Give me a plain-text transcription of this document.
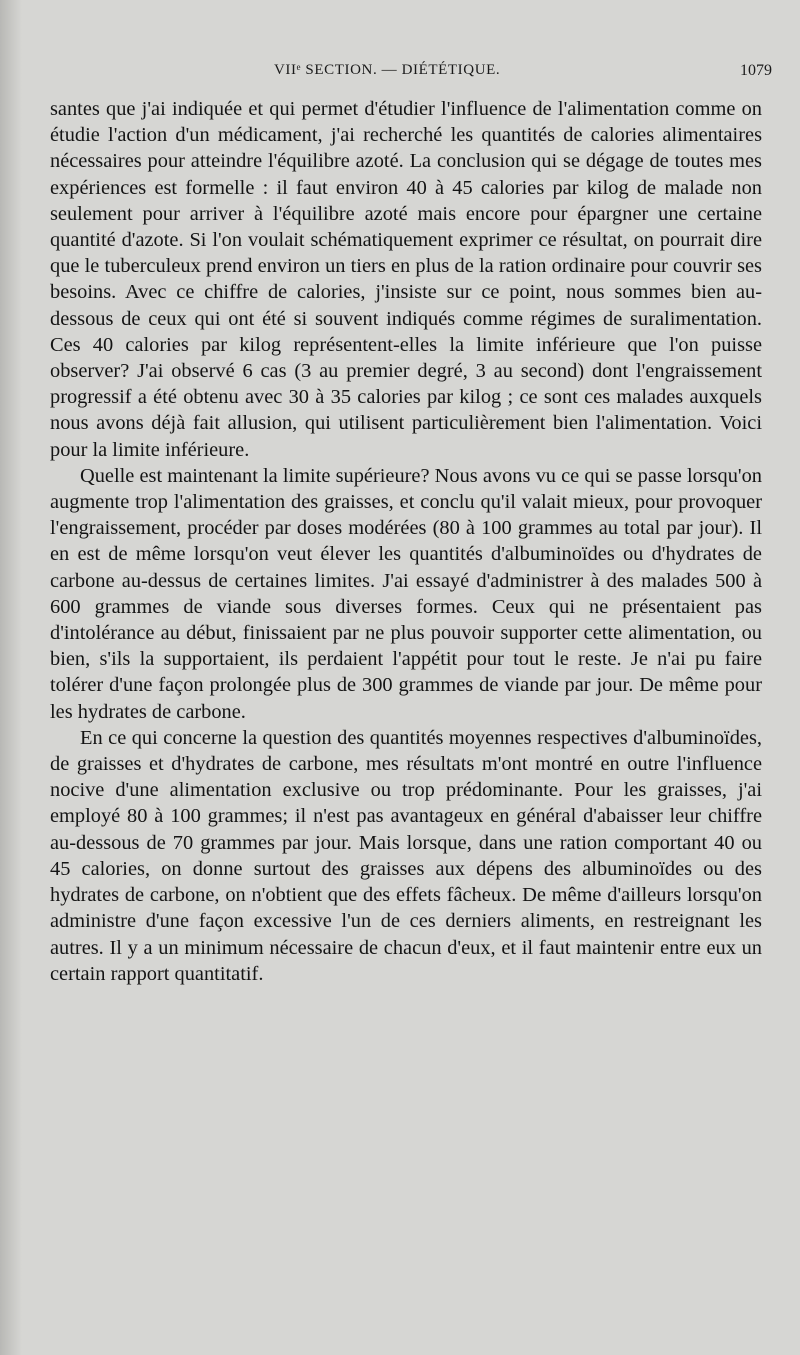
VIIᵉ SECTION. — DIÉTÉTIQUE.	1079

santes que j'ai indiquée et qui permet d'étudier l'influence de l'alimentation comme on étudie l'action d'un médicament, j'ai recherché les quantités de calories alimentaires nécessaires pour atteindre l'équilibre azoté. La conclusion qui se dégage de toutes mes expériences est formelle : il faut environ 40 à 45 calories par kilog de malade non seulement pour arriver à l'équilibre azoté mais encore pour épargner une certaine quantité d'azote. Si l'on voulait schématiquement exprimer ce résultat, on pourrait dire que le tuberculeux prend environ un tiers en plus de la ration ordinaire pour couvrir ses besoins. Avec ce chiffre de calories, j'insiste sur ce point, nous sommes bien au-dessous de ceux qui ont été si souvent indiqués comme régimes de suralimentation. Ces 40 calories par kilog représentent-elles la limite inférieure que l'on puisse observer? J'ai observé 6 cas (3 au premier degré, 3 au second) dont l'engraissement progressif a été obtenu avec 30 à 35 calories par kilog ; ce sont ces malades auxquels nous avons déjà fait allusion, qui utilisent particulièrement bien l'alimentation. Voici pour la limite inférieure.

Quelle est maintenant la limite supérieure? Nous avons vu ce qui se passe lorsqu'on augmente trop l'alimentation des graisses, et conclu qu'il valait mieux, pour provoquer l'engraissement, procéder par doses modérées (80 à 100 grammes au total par jour). Il en est de même lorsqu'on veut élever les quantités d'albuminoïdes ou d'hydrates de carbone au-dessus de certaines limites. J'ai essayé d'administrer à des malades 500 à 600 grammes de viande sous diverses formes. Ceux qui ne présentaient pas d'intolérance au début, finissaient par ne plus pouvoir supporter cette alimentation, ou bien, s'ils la supportaient, ils perdaient l'appétit pour tout le reste. Je n'ai pu faire tolérer d'une façon prolongée plus de 300 grammes de viande par jour. De même pour les hydrates de carbone.

En ce qui concerne la question des quantités moyennes respectives d'albuminoïdes, de graisses et d'hydrates de carbone, mes résultats m'ont montré en outre l'influence nocive d'une alimentation exclusive ou trop prédominante. Pour les graisses, j'ai employé 80 à 100 grammes; il n'est pas avantageux en général d'abaisser leur chiffre au-dessous de 70 grammes par jour. Mais lorsque, dans une ration comportant 40 ou 45 calories, on donne surtout des graisses aux dépens des albuminoïdes ou des hydrates de carbone, on n'obtient que des effets fâcheux. De même d'ailleurs lorsqu'on administre d'une façon excessive l'un de ces derniers aliments, en restreignant les autres. Il y a un minimum nécessaire de chacun d'eux, et il faut maintenir entre eux un certain rapport quantitatif.
